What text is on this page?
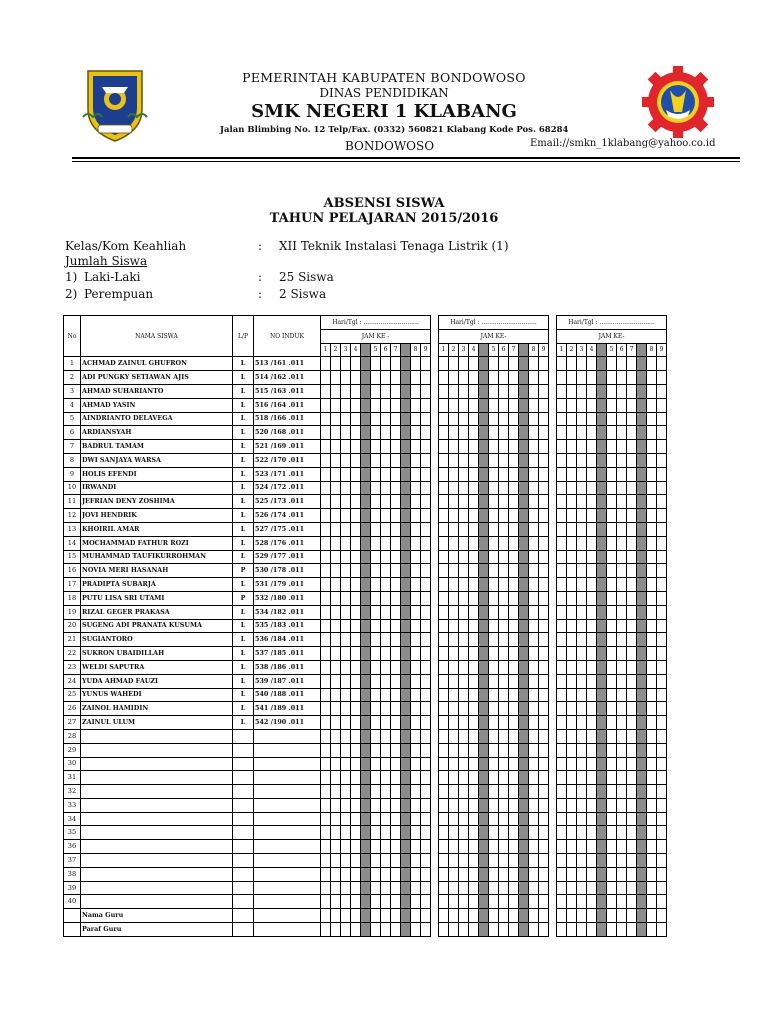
PEMERINTAH KABUPATEN BONDOWOSO
DINAS PENDIDIKAN
SMK NEGERI 1 KLABANG
Jalan Blimbing No. 12 Telp/Fax. (0332) 560821 Klabang Kode Pos. 68284
BONDOWOSO	Email://smkn_1klabang@yahoo.co.id
ABSENSI SISWA
TAHUN PELAJARAN 2015/2016
Kelas/Kom Keahliah	: XII Teknik Instalasi Tenaga Listrik (1)
Jumlah Siswa
1) Laki-Laki	: 25 Siswa
2) Perempuan	: 2 Siswa
No	NAMA SISWA	L/P	NO INDUK	Hari/Tgl : .............................												Hari/Tgl : .............................												Hari/Tgl : .............................										
				JAM KE -												JAM KE-												JAM KE-										
				1	2	3	4		5	6	7		8	9		1	2	3	4		5	6	7		8	9		1	2	3	4		5	6	7		8	9
1	ACHMAD ZAINUL GHUFRON	L	513 /161 .011																																			
2	ADI PUNGKY SETIAWAN AJIS	L	514 /162 .011																																			
3	AHMAD SUHARIANTO	L	515 /163 .011																																			
4	AHMAD YASIN	L	516 /164 .011																																			
5	AINDRIANTO DELAVEGA	L	518 /166 .011																																			
6	ARDIANSYAH	L	520 /168 .011																																			
7	BADRUL TAMAM	L	521 /169 .011																																			
8	DWI SANJAYA WARSA	L	522 /170 .011																																			
9	HOLIS EFENDI	L	523 /171 .011																																			
10	IRWANDI	L	524 /172 .011																																			
11	JEFRIAN DENY ZOSHIMA	L	525 /173 .011																																			
12	JOVI HENDRIK	L	526 /174 .011																																			
13	KHOIRIL AMAR	L	527 /175 .011																																			
14	MOCHAMMAD FATHUR ROZI	L	528 /176 .011																																			
15	MUHAMMAD TAUFIKURROHMAN	L	529 /177 .011																																			
16	NOVIA MERI HASANAH	P	530 /178 .011																																			
17	PRADIPTA SUBARJA	L	531 /179 .011																																			
18	PUTU LISA SRI UTAMI	P	532 /180 .011																																			
19	RIZAL GEGER PRAKASA	L	534 /182 .011																																			
20	SUGENG ADI PRANATA KUSUMA	L	535 /183 .011																																			
21	SUGIANTORO	L	536 /184 .011																																			
22	SUKRON UBAIDILLAH	L	537 /185 .011																																			
23	WELDI SAPUTRA	L	538 /186 .011																																			
24	YUDA AHMAD FAUZI	L	539 /187 .011																																			
25	YUNUS WAHEDI	L	540 /188 .011																																			
26	ZAINOL HAMIDIN	L	541 /189 .011																																			
27	ZAINUL ULUM	L	542 /190 .011																																			
28																																						
29																																						
30																																						
31																																						
32																																						
33																																						
34																																						
35																																						
36																																						
37																																						
38																																						
39																																						
40																																						
	Nama Guru																																					
	Paraf Guru																																					
